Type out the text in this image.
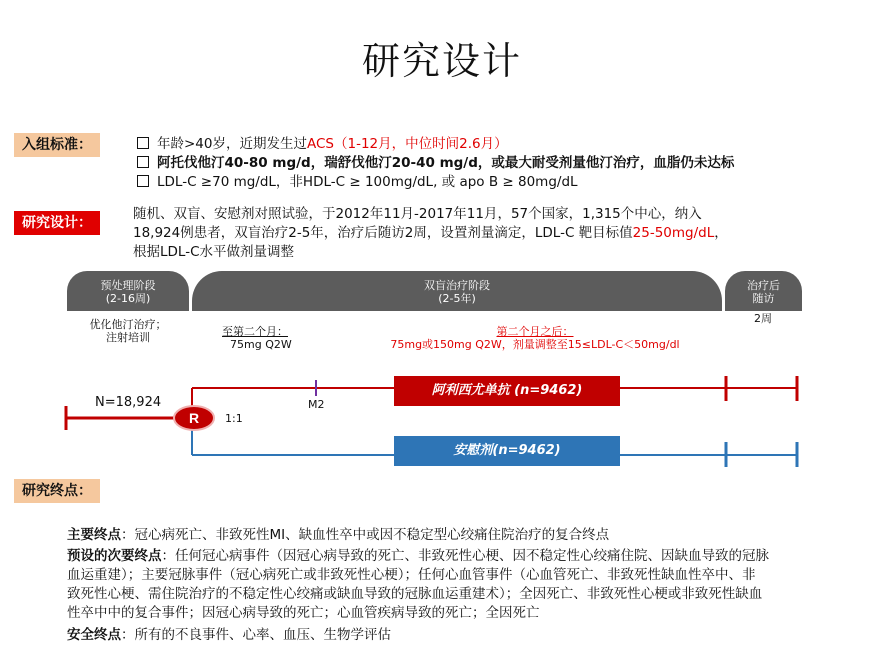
研究设计
入组标准：	年龄>40岁，近期发生过ACS（1-12月，中位时间2.6月）
阿托伐他汀40-80 mg/d，瑞舒伐他汀20-40 mg/d，或最大耐受剂量他汀治疗，血脂仍未达标
LDL-C ≥70 mg/dL，非HDL-C ≥ 100mg/dL, 或 apo B ≥ 80mg/dL
研究设计：
随机、双盲、安慰剂对照试验，于2012年11月-2017年11月，57个国家，1,315个中心，纳入
18,924例患者，双盲治疗2-5年，治疗后随访2周，设置剂量滴定，LDL-C 靶目标值25-50mg/dL，
根据LDL-C水平做剂量调整
预处理阶段
(2-16周)
双盲治疗阶段
(2-5年)
治疗后
随访
2周
优化他汀治疗；
注射培训	至第二个月：
75mg Q2W
第二个月之后：
75mg或150mg Q2W，剂量调整至15≤LDL-C＜50mg/dl
R
N=18,924
1:1
M2
阿利西尤单抗 (n=9462)
安慰剂(n=9462)
研究终点：
主要终点：冠心病死亡、非致死性MI、缺血性卒中或因不稳定型心绞痛住院治疗的复合终点
预设的次要终点：任何冠心病事件（因冠心病导致的死亡、非致死性心梗、因不稳定性心绞痛住院、因缺血导致的冠脉
血运重建）；主要冠脉事件（冠心病死亡或非致死性心梗）；任何心血管事件（心血管死亡、非致死性缺血性卒中、非
致死性心梗、需住院治疗的不稳定性心绞痛或缺血导致的冠脉血运重建术）；全因死亡、非致死性心梗或非致死性缺血
性卒中中的复合事件；因冠心病导致的死亡；心血管疾病导致的死亡；全因死亡
安全终点：所有的不良事件、心率、血压、生物学评估
